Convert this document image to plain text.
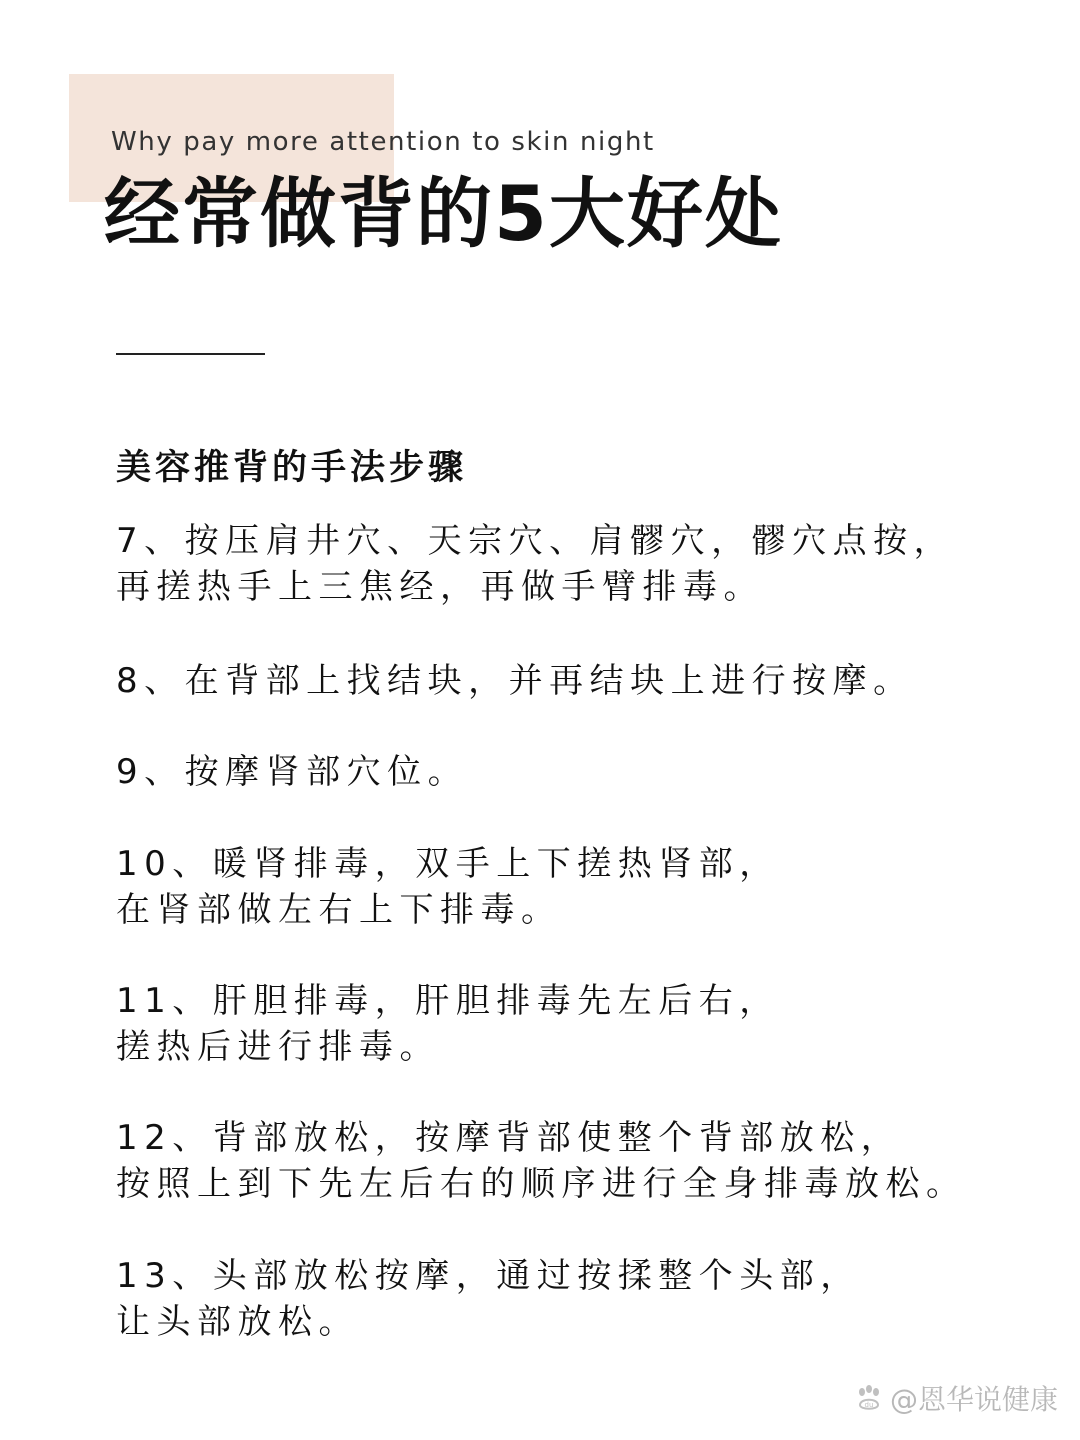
Why pay more attention to skin night
经常做背的5大好处
美容推背的手法步骤
7、按压肩井穴、天宗穴、肩髎穴，髎穴点按，
再搓热手上三焦经，再做手臂排毒。
8、在背部上找结块，并再结块上进行按摩。
9、按摩肾部穴位。
10、暖肾排毒，双手上下搓热肾部，
在肾部做左右上下排毒。
11、肝胆排毒，肝胆排毒先左后右，
搓热后进行排毒。
12、背部放松，按摩背部使整个背部放松，
按照上到下先左后右的顺序进行全身排毒放松。
13、头部放松按摩，通过按揉整个头部，
让头部放松。
du @恩华说健康
